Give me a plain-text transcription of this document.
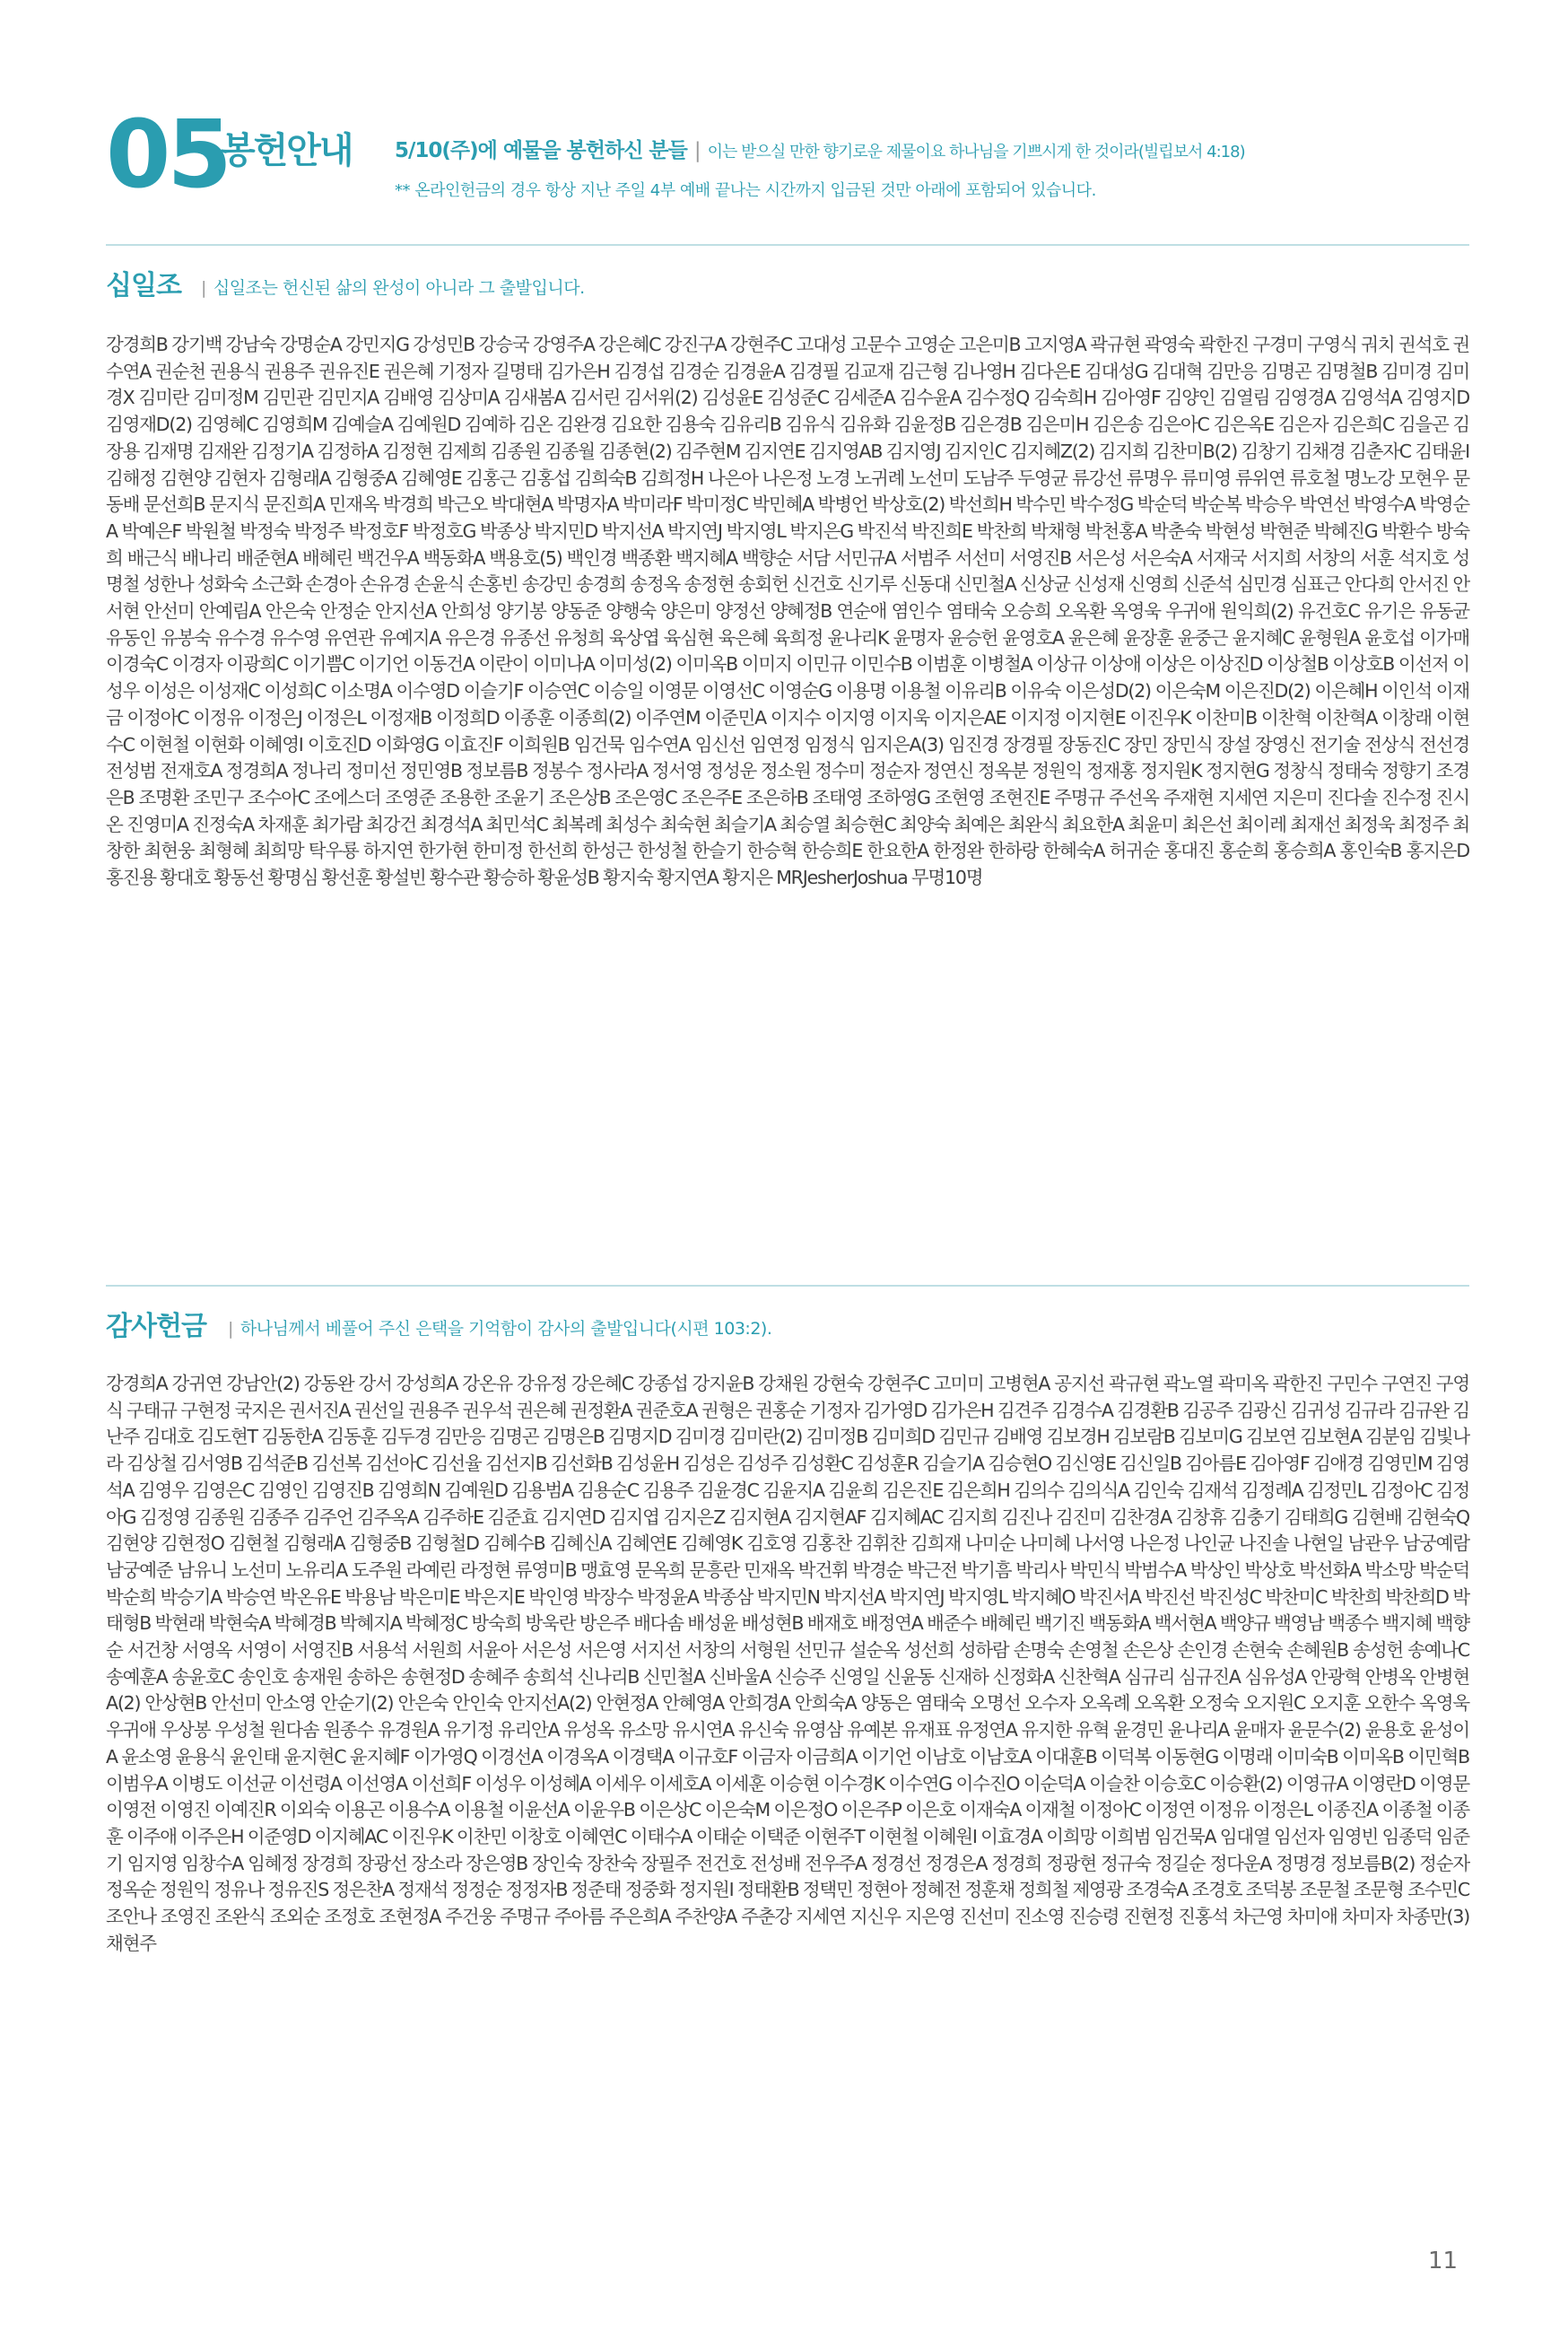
05
봉헌안내 5/10(주)에 예물을 봉헌하신 분들 | 이는 받으실 만한 향기로운 제물이요 하나님을 기쁘시게 한 것이라(빌립보서 4:18)
** 온라인헌금의 경우 항상 지난 주일 4부 예배 끝나는 시간까지 입금된 것만 아래에 포함되어 있습니다.
십일조 | 십일조는 헌신된 삶의 완성이 아니라 그 출발입니다.
강경희B 강기백 강남숙 강명순A 강민지G 강성민B 강승국 강영주A 강은혜C 강진구A 강현주C 고대성 고문수 고영순 고은미B 고지영A 곽규현 곽영숙 곽한진 구경미 구영식 궈치 권석호 권수연A 권순천 권용식 권용주 권유진E 권은혜 기정자 길명태 김가은H 김경섭 김경순 김경윤A 김경필 김교재 김근형 김나영H 김다은E 김대성G 김대혁 김만응 김명곤 김명철B 김미경 김미경X 김미란 김미정M 김민관 김민지A 김배영 김상미A 김새봄A 김서린 김서위(2) 김성윤E 김성준C 김세준A 김수윤A 김수정Q 김숙희H 김아영F 김양인 김열림 김영경A 김영석A 김영지D 김영재D(2) 김영혜C 김영희M 김예슬A 김예원D 김예하 김온 김완경 김요한 김용숙 김유리B 김유식 김유화 김윤정B 김은경B 김은미H 김은송 김은아C 김은옥E 김은자 김은희C 김을곤 김장용 김재명 김재완 김정기A 김정하A 김정현 김제희 김종원 김종월 김종현(2) 김주현M 김지연E 김지영AB 김지영J 김지인C 김지혜Z(2) 김지희 김찬미B(2) 김창기 김채경 김춘자C 김태윤I 김해정 김현양 김현자 김형래A 김형중A 김혜영E 김홍근 김홍섭 김희숙B 김희정H 나은아 나은정 노경 노귀례 노선미 도남주 두영균 류강선 류명우 류미영 류위연 류호철 명노강 모현우 문동배 문선희B 문지식 문진희A 민재옥 박경희 박근오 박대현A 박명자A 박미라F 박미정C 박민혜A 박병언 박상호(2) 박선희H 박수민 박수정G 박순덕 박순복 박승우 박연선 박영수A 박영순A 박예은F 박원철 박정숙 박정주 박정호F 박정호G 박종상 박지민D 박지선A 박지연J 박지영L 박지은G 박진석 박진희E 박찬희 박채형 박천홍A 박춘숙 박현성 박현준 박혜진G 박환수 방숙희 배근식 배나리 배준현A 배혜린 백건우A 백동화A 백용호(5) 백인경 백종환 백지혜A 백향순 서담 서민규A 서범주 서선미 서영진B 서은성 서은숙A 서재국 서지희 서창의 서훈 석지호 성명철 성한나 성화숙 소근화 손경아 손유경 손윤식 손홍빈 송강민 송경희 송정옥 송정현 송회헌 신건호 신기루 신동대 신민철A 신상균 신성재 신영희 신준석 심민경 심표근 안다희 안서진 안서현 안선미 안예림A 안은숙 안정순 안지선A 안희성 양기봉 양동준 양행숙 양은미 양정선 양혜정B 연순애 염인수 염태숙 오승희 오옥환 옥영욱 우귀애 원익희(2) 유건호C 유기은 유동균 유동인 유봉숙 유수경 유수영 유연관 유예지A 유은경 유종선 유청희 육상엽 육심현 육은혜 육희정 윤나리K 윤명자 윤승헌 윤영호A 윤은혜 윤장훈 윤중근 윤지혜C 윤형원A 윤호섭 이가매 이경숙C 이경자 이광희C 이기쁨C 이기언 이동건A 이란이 이미나A 이미성(2) 이미옥B 이미지 이민규 이민수B 이범훈 이병철A 이상규 이상애 이상은 이상진D 이상철B 이상호B 이선저 이성우 이성은 이성재C 이성희C 이소명A 이수영D 이슬기F 이승연C 이승일 이영문 이영선C 이영순G 이용명 이용철 이유리B 이유숙 이은성D(2) 이은숙M 이은진D(2) 이은혜H 이인석 이재금 이정아C 이정유 이정은J 이정은L 이정재B 이정희D 이종훈 이종희(2) 이주연M 이준민A 이지수 이지영 이지욱 이지은AE 이지정 이지현E 이진우K 이찬미B 이찬혁 이찬혁A 이창래 이현수C 이현철 이현화 이혜영I 이호진D 이화영G 이효진F 이희원B 임건묵 임수연A 임신선 임연정 임정식 임지은A(3) 임진경 장경필 장동진C 장민 장민식 장설 장영신 전기술 전상식 전선경 전성범 전재호A 정경희A 정나리 정미선 정민영B 정보름B 정봉수 정사라A 정서영 정성운 정소원 정수미 정순자 정연신 정옥분 정원익 정재홍 정지원K 정지현G 정창식 정태숙 정향기 조경은B 조명환 조민구 조수아C 조에스더 조영준 조용한 조윤기 조은상B 조은영C 조은주E 조은하B 조태영 조하영G 조현영 조현진E 주명규 주선옥 주재현 지세연 지은미 진다솔 진수정 진시온 진영미A 진정숙A 차재훈 최가람 최강건 최경석A 최민석C 최복례 최성수 최숙현 최슬기A 최승열 최승현C 최양숙 최예은 최완식 최요한A 최윤미 최은선 최이레 최재선 최정욱 최정주 최창한 최현웅 최형혜 최희망 탁우룡 하지연 한가현 한미정 한선희 한성근 한성철 한슬기 한승혁 한승희E 한요한A 한정완 한하랑 한혜숙A 허귀순 홍대진 홍순희 홍승희A 홍인숙B 홍지은D 홍진용 황대호 황동선 황명심 황선훈 황설빈 황수관 황승하 황윤성B 황지숙 황지연A 황지은 MRJesherJoshua 무명10명
감사헌금 | 하나님께서 베풀어 주신 은택을 기억함이 감사의 출발입니다(시편 103:2).
강경희A 강귀연 강남안(2) 강동완 강서 강성희A 강온유 강유정 강은혜C 강종섭 강지윤B 강채원 강현숙 강현주C 고미미 고병현A 공지선 곽규현 곽노열 곽미옥 곽한진 구민수 구연진 구영식 구태규 구현정 국지은 권서진A 권선일 권용주 권우석 권은혜 권정환A 권준호A 권형은 권홍순 기정자 김가영D 김가은H 김견주 김경수A 김경환B 김공주 김광신 김귀성 김규라 김규완 김난주 김대호 김도현T 김동한A 김동훈 김두경 김만응 김명곤 김명은B 김명지D 김미경 김미란(2) 김미정B 김미희D 김민규 김배영 김보경H 김보람B 김보미G 김보연 김보현A 김분임 김빛나라 김상철 김서영B 김석준B 김선복 김선아C 김선율 김선지B 김선화B 김성윤H 김성은 김성주 김성환C 김성훈R 김슬기A 김승현O 김신영E 김신일B 김아름E 김아영F 김애경 김영민M 김영석A 김영우 김영은C 김영인 김영진B 김영희N 김예원D 김용범A 김용순C 김용주 김윤경C 김윤지A 김윤희 김은진E 김은희H 김의수 김의식A 김인숙 김재석 김정례A 김정민L 김정아C 김정아G 김정영 김종원 김종주 김주언 김주옥A 김주하E 김준효 김지연D 김지엽 김지은Z 김지현A 김지현AF 김지혜AC 김지희 김진나 김진미 김찬경A 김창휴 김충기 김태희G 김현배 김현숙Q 김현양 김현정O 김현철 김형래A 김형중B 김형철D 김혜수B 김혜신A 김혜연E 김혜영K 김호영 김홍찬 김휘찬 김희재 나미순 나미혜 나서영 나은정 나인균 나진솔 나현일 남관우 남궁예람 남궁예준 남유니 노선미 노유리A 도주원 라예린 라정현 류영미B 맹효영 문옥희 문흥란 민재옥 박건휘 박경순 박근전 박기흠 박리사 박민식 박범수A 박상인 박상호 박선화A 박소망 박순덕 박순희 박승기A 박승연 박온유E 박용남 박은미E 박은지E 박인영 박장수 박정윤A 박종삼 박지민N 박지선A 박지연J 박지영L 박지혜O 박진서A 박진선 박진성C 박찬미C 박찬희 박찬희D 박태형B 박현래 박현숙A 박혜경B 박혜지A 박혜정C 방숙희 방욱란 방은주 배다솜 배성윤 배성현B 배재호 배정연A 배준수 배혜린 백기진 백동화A 백서현A 백양규 백영남 백종수 백지혜 백향순 서건창 서영옥 서영이 서영진B 서용석 서원희 서윤아 서은성 서은영 서지선 서창의 서형원 선민규 설순옥 성선희 성하람 손명숙 손영철 손은상 손인경 손현숙 손혜원B 송성헌 송예나C 송예훈A 송윤호C 송인호 송재원 송하은 송현정D 송혜주 송희석 신나리B 신민철A 신바울A 신승주 신영일 신윤동 신재하 신정화A 신찬혁A 심규리 심규진A 심유성A 안광혁 안병옥 안병현A(2) 안상현B 안선미 안소영 안순기(2) 안은숙 안인숙 안지선A(2) 안현정A 안혜영A 안희경A 안희숙A 양동은 염태숙 오명선 오수자 오옥례 오옥환 오정숙 오지원C 오지훈 오한수 옥영욱 우귀애 우상봉 우성철 원다솜 원종수 유경원A 유기정 유리안A 유성옥 유소망 유시연A 유신숙 유영삼 유예본 유재표 유정연A 유지한 유혁 윤경민 윤나리A 윤매자 윤문수(2) 윤용호 윤성이A 윤소영 윤용식 윤인태 윤지현C 윤지혜F 이가영Q 이경선A 이경옥A 이경택A 이규호F 이금자 이금희A 이기언 이남호 이남호A 이대훈B 이덕복 이동현G 이명래 이미숙B 이미옥B 이민혁B 이범우A 이병도 이선균 이선령A 이선영A 이선희F 이성우 이성혜A 이세우 이세호A 이세훈 이승현 이수경K 이수연G 이수진O 이순덕A 이슬찬 이승호C 이승환(2) 이영규A 이영란D 이영문 이영전 이영진 이예진R 이외숙 이용곤 이용수A 이용철 이윤선A 이윤우B 이은상C 이은숙M 이은정O 이은주P 이은호 이재숙A 이재철 이정아C 이정연 이정유 이정은L 이종진A 이종철 이종훈 이주애 이주은H 이준영D 이지혜AC 이진우K 이찬민 이창호 이혜연C 이태수A 이태순 이택준 이현주T 이현철 이혜원I 이효경A 이희망 이희범 임건묵A 임대열 임선자 임영빈 임종덕 임준기 임지영 임창수A 임혜정 장경희 장광선 장소라 장은영B 장인숙 장찬숙 장필주 전건호 전성배 전우주A 정경선 정경은A 정경희 정광현 정규숙 정길순 정다운A 정명경 정보름B(2) 정순자 정옥순 정원익 정유나 정유진S 정은찬A 정재석 정정순 정정자B 정준태 정중화 정지원I 정태환B 정택민 정현아 정혜전 정훈채 정희철 제영광 조경숙A 조경호 조덕봉 조문철 조문형 조수민C 조안나 조영진 조완식 조외순 조정호 조현정A 주건웅 주명규 주아름 주은희A 주찬양A 주춘강 지세연 지신우 지은영 진선미 진소영 진승령 진현정 진홍석 차근영 차미애 차미자 차종만(3) 채현주
11
